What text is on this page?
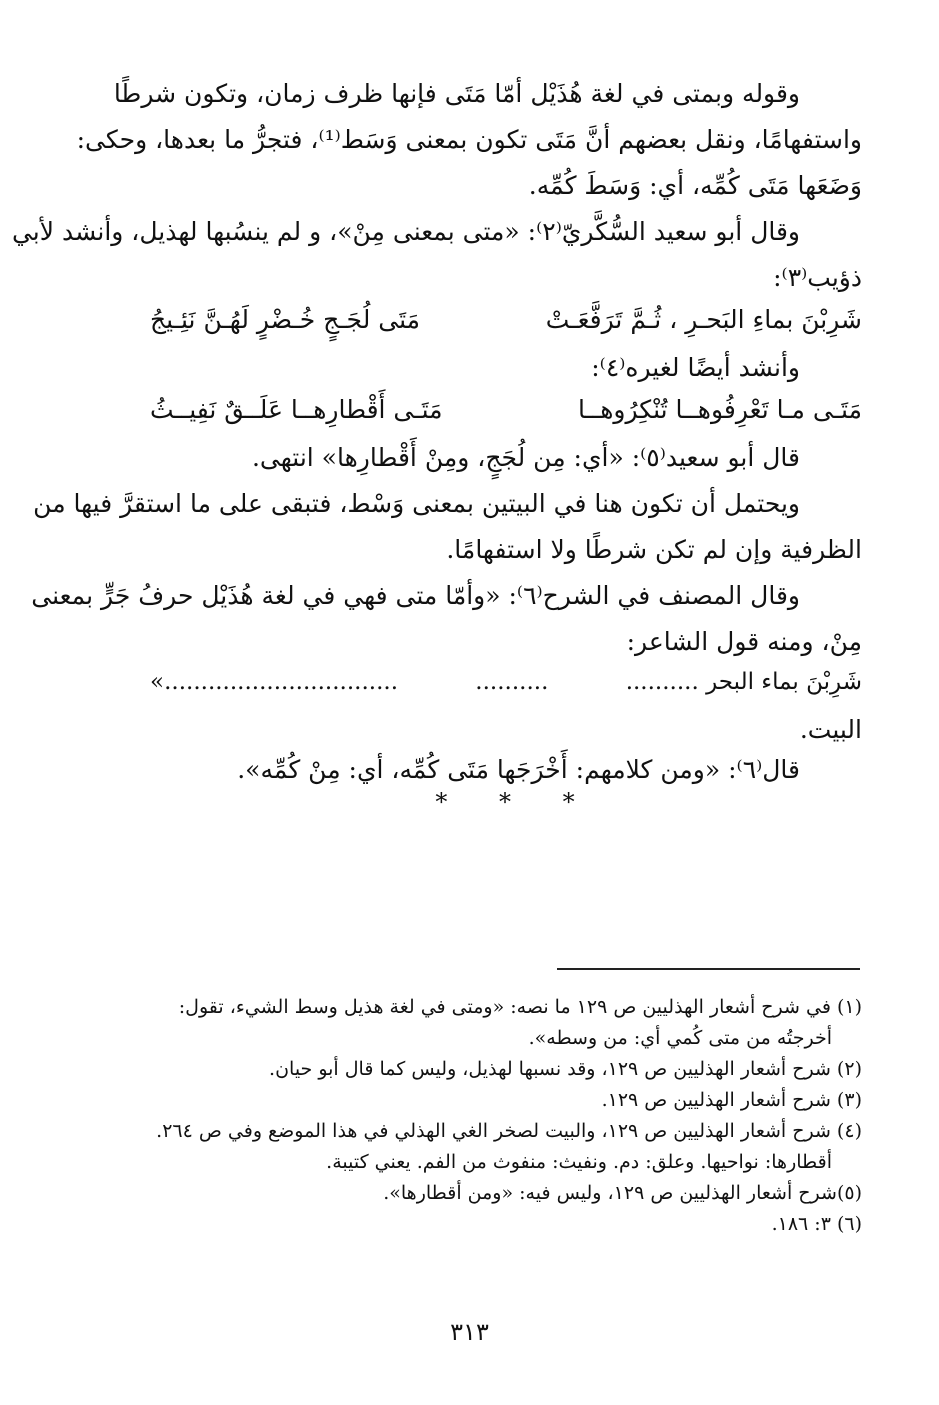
وقوله وبمتى في لغة هُذَيْل أمّا مَتَى فإنها ظرف زمان، وتكون شرطًا

واستفهامًا، ونقل بعضهم أنَّ مَتَى تكون بمعنى وَسَط⁽¹⁾، فتجرُّ ما بعدها، وحكى:

وَضَعَها مَتَى كُمِّه، أي: وَسَطَ كُمِّه.

وقال أبو سعيد السُّكَّريّ⁽٢⁾: «متى بمعنى مِنْ»، و لم ينسُبها لهذيل، وأنشد لأبي

ذؤيب⁽٣⁾:

شَرِبْنَ بماءِ البَحـرِ ، ثُـمَّ تَرَفَّعَـتْ
مَتَى لُجَـجٍ خُـضْرٍ لَهُـنَّ نَئِـيجُ

وأنشد أيضًا لغيره⁽٤⁾:

مَتَـى مـا تَعْرِفُوهــا تُنْكِرُوهــا
مَتَـى أَقْطارِهــا عَلَــقٌ نَفِيــثُ

قال أبو سعيد⁽٥⁾: «أي: مِن لُجَجٍ، ومِنْ أَقْطارِها» انتهى.

ويحتمل أن تكون هنا في البيتين بمعنى وَسْط، فتبقى على ما استقرَّ فيها من

الظرفية وإن لم تكن شرطًا ولا استفهامًا.

وقال المصنف في الشرح⁽٦⁾: «وأمّا متى فهي في لغة هُذَيْل حرفُ جَرٍّ بمعنى

مِنْ، ومنه قول الشاعر:

شَرِبْنَ بماء البحر ..........
..........
................................»

البيت.

قال⁽٦⁾: «ومن كلامهم: أَخْرَجَها مَتَى كُمِّه، أي: مِنْ كُمِّه».

* * *

(١) في شرح أشعار الهذليين ص ١٢٩ ما نصه: «ومتى في لغة هذيل وسط الشيء، تقول:

أخرجتُه من متى كُمي أي: من وسطه».

(٢) شرح أشعار الهذليين ص ١٢٩، وقد نسبها لهذيل، وليس كما قال أبو حيان.

(٣) شرح أشعار الهذليين ص ١٢٩.

(٤) شرح أشعار الهذليين ص ١٢٩، والبيت لصخر الغي الهذلي في هذا الموضع وفي ص ٢٦٤.

أقطارها: نواحيها. وعلق: دم. ونفيث: منفوث من الفم. يعني كتيبة.

(٥)شرح أشعار الهذليين ص ١٢٩، وليس فيه: «ومن أقطارها».

(٦) ٣: ١٨٦.

٣١٣
